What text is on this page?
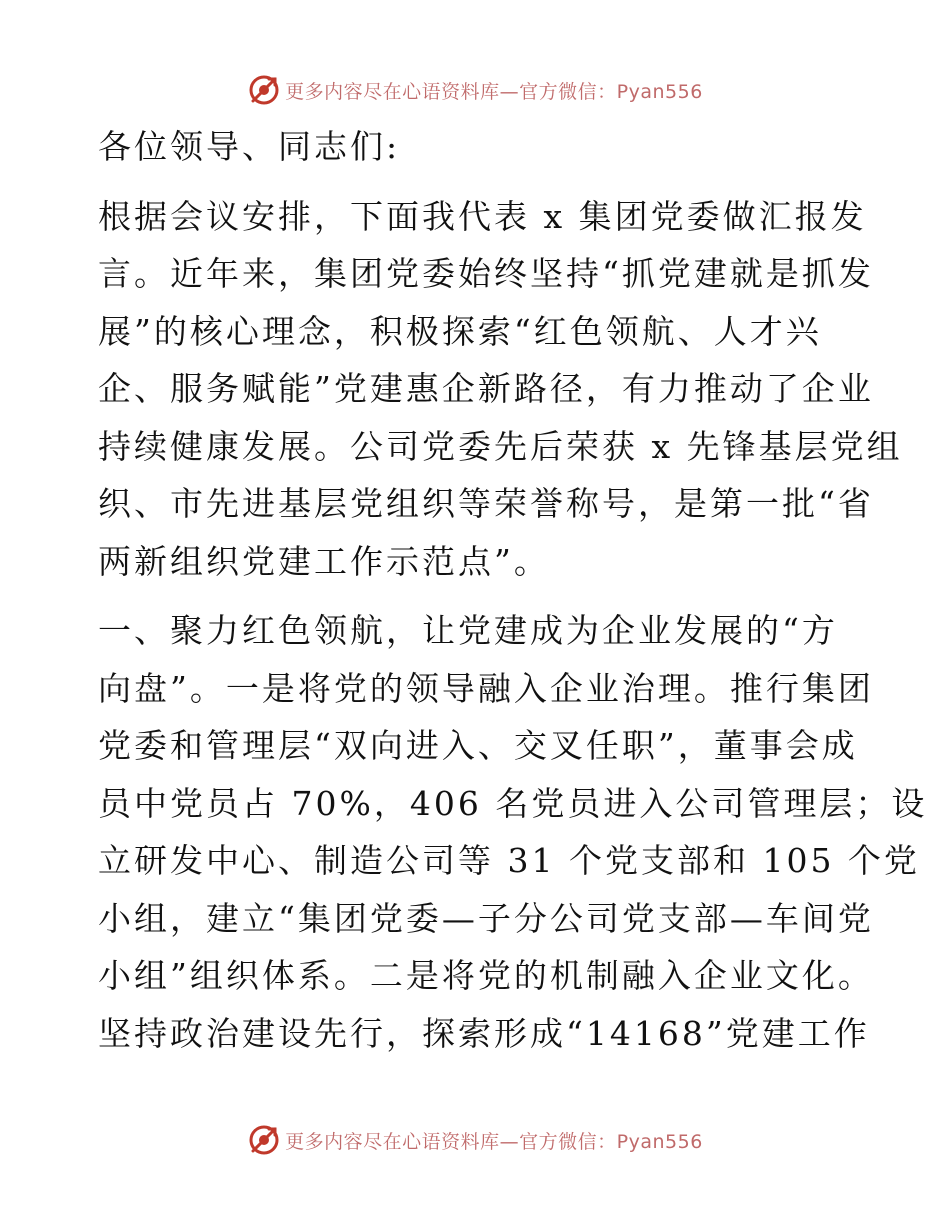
更多内容尽在心语资料库—官方微信：Pyan556
各位领导、同志们:
根据会议安排，下面我代表 x 集团党委做汇报发
言。近年来，集团党委始终坚持“抓党建就是抓发
展”的核心理念，积极探索“红色领航、人才兴
企、服务赋能”党建惠企新路径，有力推动了企业
持续健康发展。公司党委先后荣获 x 先锋基层党组
织、市先进基层党组织等荣誉称号，是第一批“省
两新组织党建工作示范点”。
一、聚力红色领航，让党建成为企业发展的“方
向盘”。一是将党的领导融入企业治理。推行集团
党委和管理层“双向进入、交叉任职”，董事会成
员中党员占 70%，406 名党员进入公司管理层；设
立研发中心、制造公司等 31 个党支部和 105 个党
小组，建立“集团党委—子分公司党支部—车间党
小组”组织体系。二是将党的机制融入企业文化。
坚持政治建设先行，探索形成“14168”党建工作
更多内容尽在心语资料库—官方微信：Pyan556
